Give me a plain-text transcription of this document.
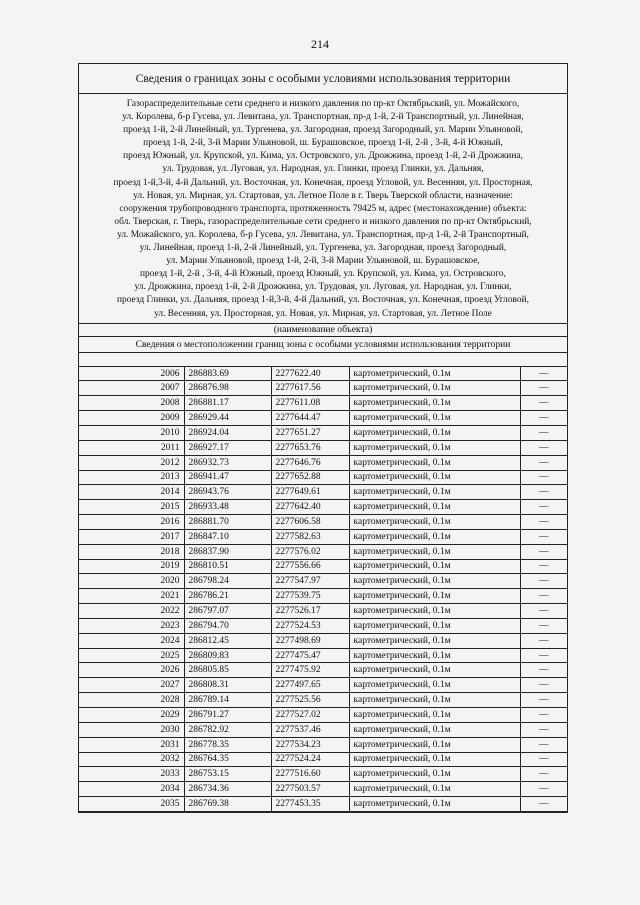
214
Сведения о границах зоны с особыми условиями использования территории
Газораспределительные сети среднего и низкого давления по пр-кт Октябрьский, ул. Можайского,
ул. Королева, б-р Гусева, ул. Левитана, ул. Транспортная, пр-д 1-й, 2-й Транспортный, ул. Линейная,
проезд 1-й, 2-й Линейный, ул. Тургенева, ул. Загородная, проезд Загородный, ул. Марии Ульяновой,
проезд 1-й, 2-й, 3-й Марии Ульяновой, ш. Бурашовское, проезд 1-й, 2-й , 3-й, 4-й Южный,
проезд Южный, ул. Крупской, ул. Кима, ул. Островского, ул. Дрожжина, проезд 1-й, 2-й Дрожжина,
ул. Трудовая, ул. Луговая, ул. Народная, ул. Глинки, проезд Глинки, ул. Дальняя,
проезд 1-й,3-й, 4-й Дальний, ул. Восточная, ул. Конечная, проезд Угловой, ул. Весенняя, ул. Просторная,
ул. Новая, ул. Мирная, ул. Стартовая, ул. Летное Поле в г. Тверь Тверской области, назначение:
сооружения трубопроводного транспорта, протяженность 79425 м, адрес (местонахождение) объекта:
обл. Тверская, г. Тверь, газораспределительные сети среднего и низкого давления по пр-кт Октябрьский,
ул. Можайского, ул. Королева, б-р Гусева, ул. Левитана, ул. Транспортная, пр-д 1-й, 2-й Транспортный,
ул. Линейная, проезд 1-й, 2-й Линейный, ул. Тургенева, ул. Загородная, проезд Загородный,
ул. Марии Ульяновой, проезд 1-й, 2-й, 3-й Марии Ульяновой, ш. Бурашовское,
проезд 1-й, 2-й , 3-й, 4-й Южный, проезд Южный, ул. Крупской, ул. Кима, ул. Островского,
ул. Дрожжина, проезд 1-й, 2-й Дрожжина, ул. Трудовая, ул. Луговая, ул. Народная, ул. Глинки,
проезд Глинки, ул. Дальняя, проезд 1-й,3-й, 4-й Дальний, ул. Восточная, ул. Конечная, проезд Угловой,
ул. Весенняя, ул. Просторная, ул. Новая, ул. Мирная, ул. Стартовая, ул. Летное Поле
(наименование объекта)
Сведения о местоположении границ зоны с особыми условиями использования территории
2006	286883.69	2277622.40	картометрический, 0.1м	—
2007	286876.98	2277617.56	картометрический, 0.1м	—
2008	286881.17	2277611.08	картометрический, 0.1м	—
2009	286929.44	2277644.47	картометрический, 0.1м	—
2010	286924.04	2277651.27	картометрический, 0.1м	—
2011	286927.17	2277653.76	картометрический, 0.1м	—
2012	286932.73	2277646.76	картометрический, 0.1м	—
2013	286941.47	2277652.88	картометрический, 0.1м	—
2014	286943.76	2277649.61	картометрический, 0.1м	—
2015	286933.48	2277642.40	картометрический, 0.1м	—
2016	286881.70	2277606.58	картометрический, 0.1м	—
2017	286847.10	2277582.63	картометрический, 0.1м	—
2018	286837.90	2277576.02	картометрический, 0.1м	—
2019	286810.51	2277556.66	картометрический, 0.1м	—
2020	286798.24	2277547.97	картометрический, 0.1м	—
2021	286786.21	2277539.75	картометрический, 0.1м	—
2022	286797.07	2277526.17	картометрический, 0.1м	—
2023	286794.70	2277524.53	картометрический, 0.1м	—
2024	286812.45	2277498.69	картометрический, 0.1м	—
2025	286809.83	2277475.47	картометрический, 0.1м	—
2026	286805.85	2277475.92	картометрический, 0.1м	—
2027	286808.31	2277497.65	картометрический, 0.1м	—
2028	286789.14	2277525.56	картометрический, 0.1м	—
2029	286791.27	2277527.02	картометрический, 0.1м	—
2030	286782.92	2277537.46	картометрический, 0.1м	—
2031	286778.35	2277534.23	картометрический, 0.1м	—
2032	286764.35	2277524.24	картометрический, 0.1м	—
2033	286753.15	2277516.60	картометрический, 0.1м	—
2034	286734.36	2277503.57	картометрический, 0.1м	—
2035	286769.38	2277453.35	картометрический, 0.1м	—
